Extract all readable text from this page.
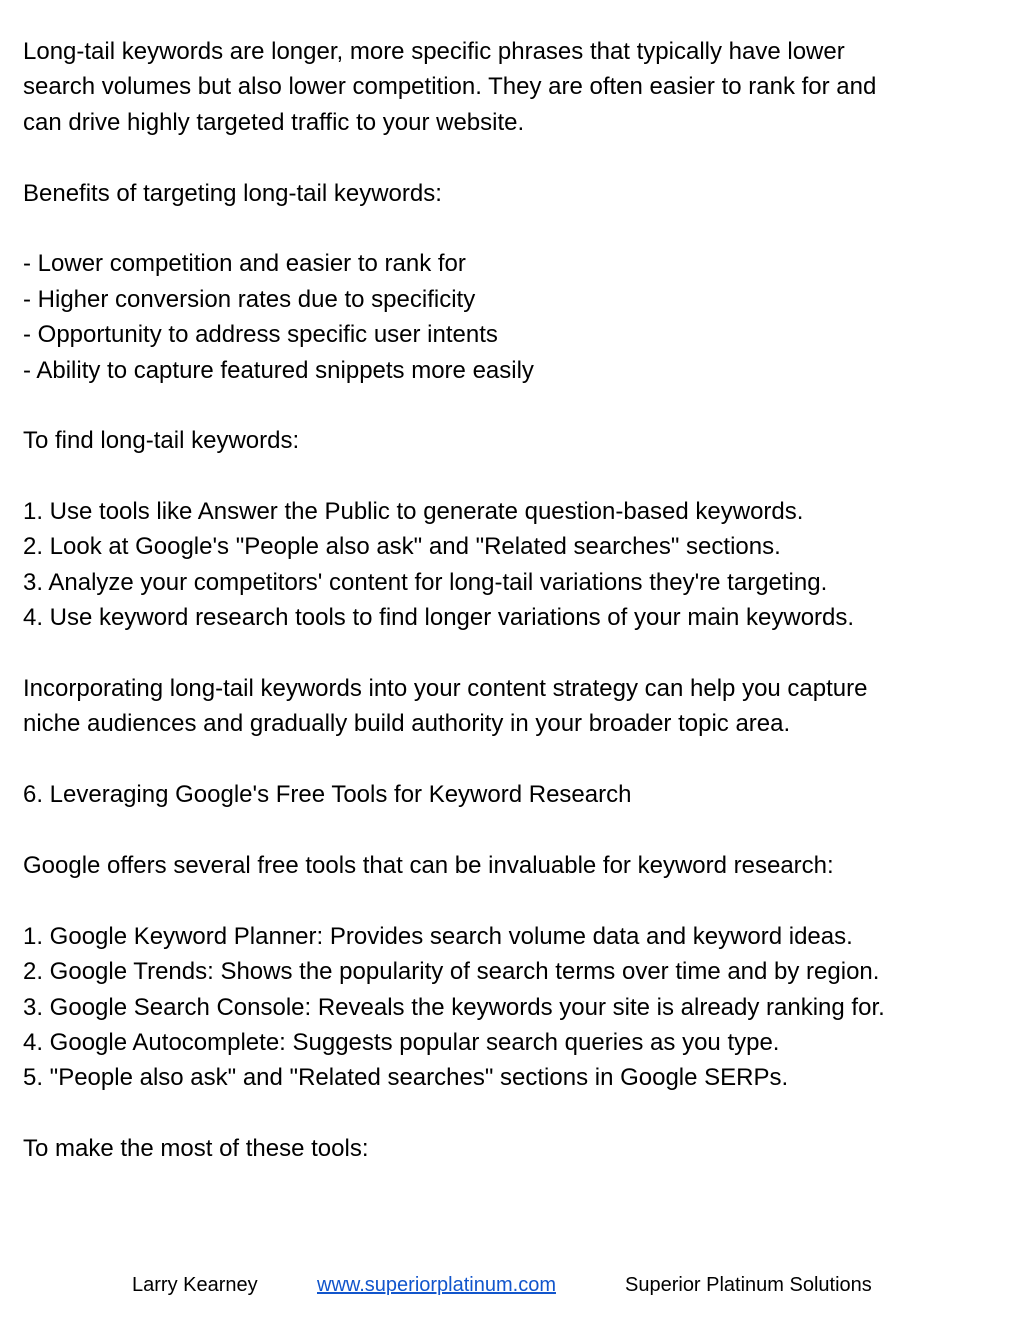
Long-tail keywords are longer, more specific phrases that typically have lower
search volumes but also lower competition. They are often easier to rank for and
can drive highly targeted traffic to your website.
Benefits of targeting long-tail keywords:
- Lower competition and easier to rank for
- Higher conversion rates due to specificity
- Opportunity to address specific user intents
- Ability to capture featured snippets more easily
To find long-tail keywords:
1. Use tools like Answer the Public to generate question-based keywords.
2. Look at Google's "People also ask" and "Related searches" sections.
3. Analyze your competitors' content for long-tail variations they're targeting.
4. Use keyword research tools to find longer variations of your main keywords.
Incorporating long-tail keywords into your content strategy can help you capture
niche audiences and gradually build authority in your broader topic area.
6. Leveraging Google's Free Tools for Keyword Research
Google offers several free tools that can be invaluable for keyword research:
1. Google Keyword Planner: Provides search volume data and keyword ideas.
2. Google Trends: Shows the popularity of search terms over time and by region.
3. Google Search Console: Reveals the keywords your site is already ranking for.
4. Google Autocomplete: Suggests popular search queries as you type.
5. "People also ask" and "Related searches" sections in Google SERPs.
To make the most of these tools:
Larry Kearney	www.superiorplatinum.com	Superior Platinum Solutions
